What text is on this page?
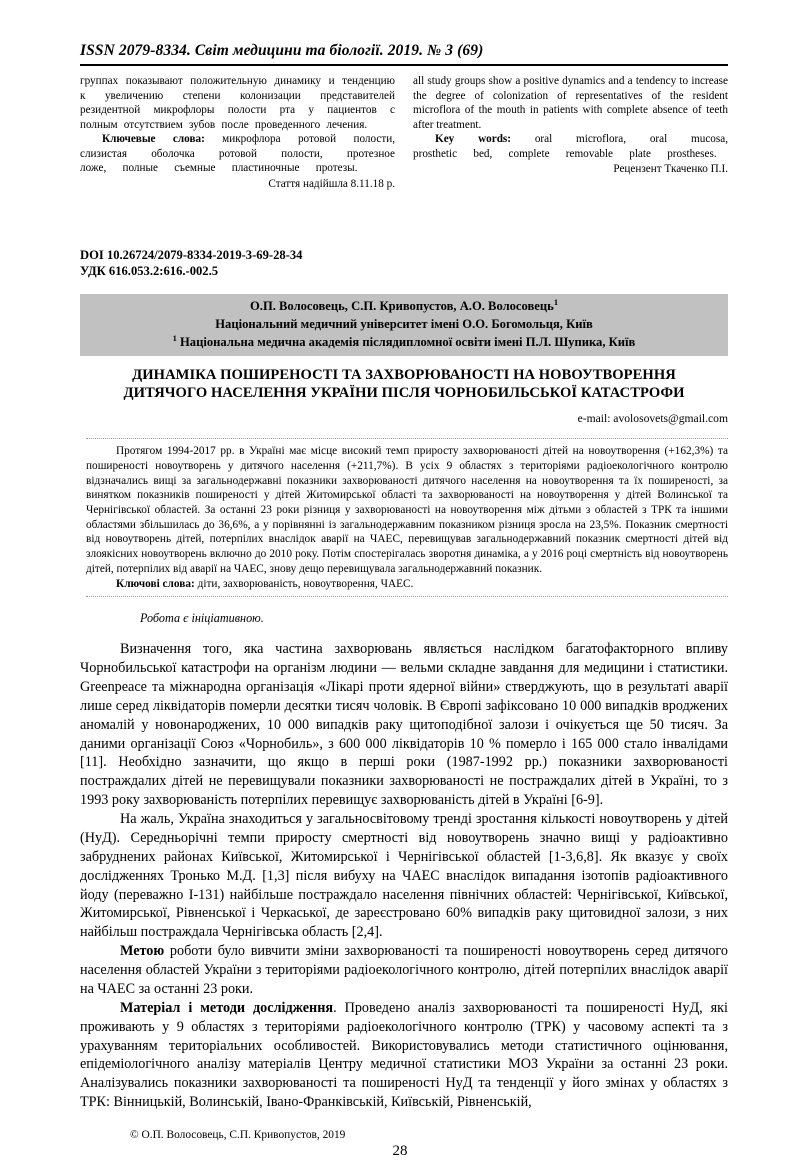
ISSN 2079-8334. Світ медицини та біології. 2019. № 3 (69)

группах показывают положительную динамику и тенденцию к увеличению степени колонизации представителей резидентной микрофлоры полости рта у пациентов с полным отсутствием зубов после проведенного лечения.

Ключевые слова: микрофлора ротовой полости, слизистая оболочка ротовой полости, протезное ложе, полные съемные пластиночные протезы.

Стаття надійшла 8.11.18 р.

all study groups show a positive dynamics and a tendency to increase the degree of colonization of representatives of the resident microflora of the mouth in patients with complete absence of teeth after treatment.

Key words: oral microflora, oral mucosa, prosthetic bed, complete removable plate prostheses.

Рецензент Ткаченко П.І.

DOI 10.26724/2079-8334-2019-3-69-28-34
УДК 616.053.2:616.-002.5
О.П. Волосовець, С.П. Кривопустов, А.О. Волосовець$^1$
Національний медичний університет імені О.О. Богомольця, Київ
$^1$ Національна медична академія післядипломної освіти імені П.Л. Шупика, Київ
ДИНАМІКА ПОШИРЕНОСТІ ТА ЗАХВОРЮВАНОСТІ НА НОВОУТВОРЕННЯ
ДИТЯЧОГО НАСЕЛЕННЯ УКРАЇНИ ПІСЛЯ ЧОРНОБИЛЬСЬКОЇ КАТАСТРОФИ
e-mail: avolosovets@gmail.com

Протягом 1994-2017 рр. в Україні має місце високий темп приросту захворюваності дітей на новоутворення (+162,3%) та поширеності новоутворень у дитячого населення (+211,7%). В усіх 9 областях з територіями радіоекологічного контролю відзначались вищі за загальнодержавні показники захворюваності дитячого населення на новоутворення та їх поширеності, за винятком показників поширеності у дітей Житомирської області та захворюваності на новоутворення у дітей Волинської та Чернігівської областей. За останні 23 роки різниця у захворюваності на новоутворення між дітьми з областей з ТРК та іншими областями збільшилась до 36,6%, а у порівнянні із загальнодержавним показником різниця зросла на 23,5%. Показник смертності від новоутворень дітей, потерпілих внаслідок аварії на ЧАЕС, перевищував загальнодержавний показник смертності дітей від злоякісних новоутворень включно до 2010 року. Потім спостерігалась зворотня динаміка, а у 2016 році смертність від новоутворень дітей, потерпілих від аварії на ЧАЕС, знову дещо перевищувала загальнодержавний показник.

Ключові слова: діти, захворюваність, новоутворення, ЧАЕС.

Робота є ініціативною.

Визначення того, яка частина захворювань являється наслідком багатофакторного впливу Чорнобильської катастрофи на організм людини — вельми складне завдання для медицини і статистики. Greenpeace та міжнародна організація «Лікарі проти ядерної війни» стверджують, що в результаті аварії лише серед ліквідаторів померли десятки тисяч чоловік. В Європі зафіксовано 10 000 випадків вроджених аномалій у новонароджених, 10 000 випадків раку щитоподібної залози і очікується ще 50 тисяч. За даними організації Союз «Чорнобиль», з 600 000 ліквідаторів 10 % померло і 165 000 стало інвалідами [11]. Необхідно зазначити, що якщо в перші роки (1987-1992 рр.) показники захворюваності постраждалих дітей не перевищували показники захворюваності не постраждалих дітей в Україні, то з 1993 року захворюваність потерпілих перевищує захворюваність дітей в Україні [6-9].

На жаль, Україна знаходиться у загальносвітовому тренді зростання кількості новоутворень у дітей (НуД). Середньорічні темпи приросту смертності від новоутворень значно вищі у радіоактивно забруднених районах Київської, Житомирської і Чернігівської областей [1-3,6,8]. Як вказує у своїх дослідженнях Тронько М.Д. [1,3] після вибуху на ЧАЕС внаслідок випадання ізотопів радіоактивного йоду (переважно I-131) найбільше постраждало населення північних областей: Чернігівської, Київської, Житомирської, Рівненської і Черкаської, де зареєстровано 60% випадків раку щитовидної залози, з них найбільш постраждала Чернігівська область [2,4].

Метою роботи було вивчити зміни захворюваності та поширеності новоутворень серед дитячого населення областей України з територіями радіоекологічного контролю, дітей потерпілих внаслідок аварії на ЧАЕС за останні 23 роки.

Матеріал і методи дослідження. Проведено аналіз захворюваності та поширеності НуД, які проживають у 9 областях з територіями радіоекологічного контролю (ТРК) у часовому аспекті та з урахуванням територіальних особливостей. Використовувались методи статистичного оцінювання, епідеміологічного аналізу матеріалів Центру медичної статистики МОЗ України за останні 23 роки. Аналізувались показники захворюваності та поширеності НуД та тенденції у його змінах у областях з ТРК: Вінницькій, Волинській, Івано-Франківській, Київській, Рівненській,

© О.П. Волосовець, С.П. Кривопустов, 2019
28
